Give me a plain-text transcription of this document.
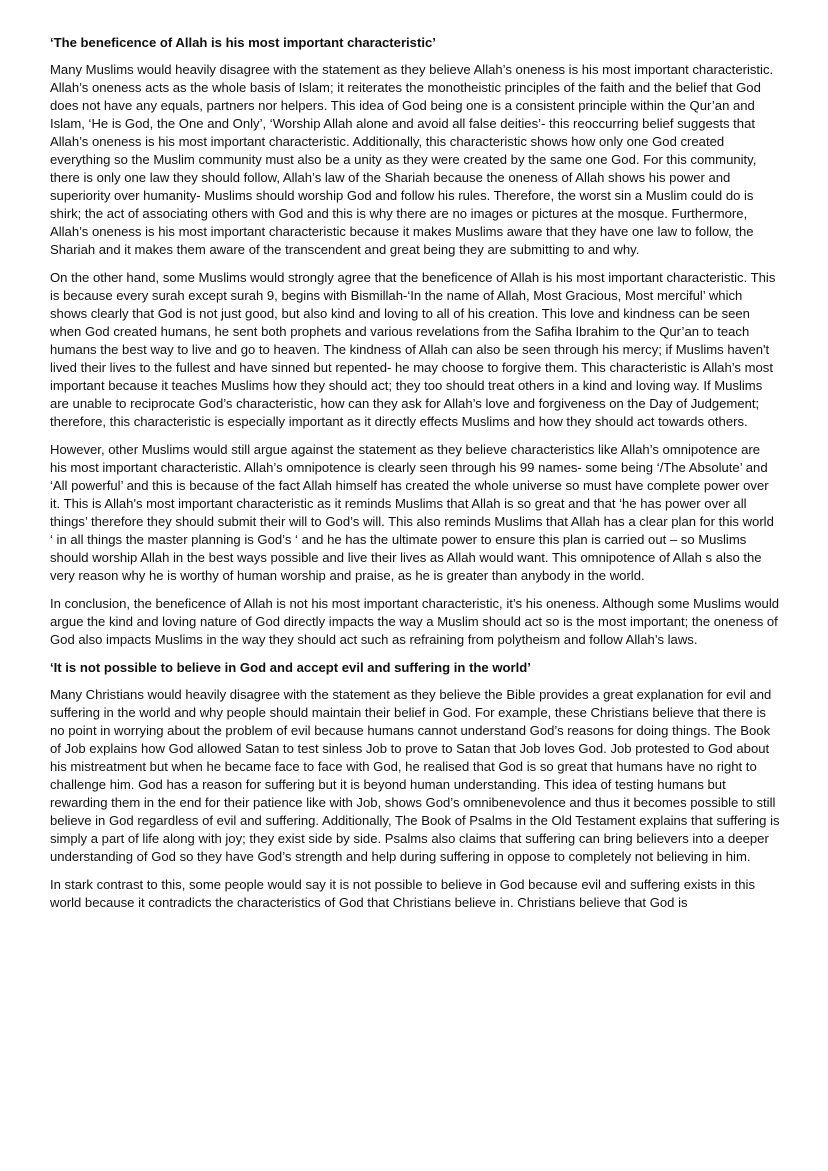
‘The beneficence of Allah is his most important characteristic’

Many Muslims would heavily disagree with the statement as they believe Allah’s oneness is his most important characteristic. Allah’s oneness acts as the whole basis of Islam; it reiterates the monotheistic principles of the faith and the belief that God does not have any equals, partners nor helpers. This idea of God being one is a consistent principle within the Qur’an and Islam, ‘He is God, the One and Only’, ‘Worship Allah alone and avoid all false deities’- this reoccurring belief suggests that Allah’s oneness is his most important characteristic. Additionally, this characteristic shows how only one God created everything so the Muslim community must also be a unity as they were created by the same one God. For this community, there is only one law they should follow, Allah’s law of the Shariah because the oneness of Allah shows his power and superiority over humanity- Muslims should worship God and follow his rules. Therefore, the worst sin a Muslim could do is shirk; the act of associating others with God and this is why there are no images or pictures at the mosque. Furthermore, Allah’s oneness is his most important characteristic because it makes Muslims aware that they have one law to follow, the Shariah and it makes them aware of the transcendent and great being they are submitting to and why.

On the other hand, some Muslims would strongly agree that the beneficence of Allah is his most important characteristic. This is because every surah except surah 9, begins with Bismillah-‘In the name of Allah, Most Gracious, Most merciful’ which shows clearly that God is not just good, but also kind and loving to all of his creation. This love and kindness can be seen when God created humans, he sent both prophets and various revelations from the Safiha Ibrahim to the Qur’an to teach humans the best way to live and go to heaven. The kindness of Allah can also be seen through his mercy; if Muslims haven't lived their lives to the fullest and have sinned but repented- he may choose to forgive them. This characteristic is Allah’s most important because it teaches Muslims how they should act; they too should treat others in a kind and loving way. If Muslims are unable to reciprocate God’s characteristic, how can they ask for Allah’s love and forgiveness on the Day of Judgement; therefore, this characteristic is especially important as it directly effects Muslims and how they should act towards others.

However, other Muslims would still argue against the statement as they believe characteristics like Allah’s omnipotence are his most important characteristic. Allah’s omnipotence is clearly seen through his 99 names- some being ‘/The Absolute’ and ‘All powerful’ and this is because of the fact Allah himself has created the whole universe so must have complete power over it. This is Allah's most important characteristic as it reminds Muslims that Allah is so great and that ‘he has power over all things’ therefore they should submit their will to God’s will. This also reminds Muslims that Allah has a clear plan for this world ‘ in all things the master planning is God’s ‘ and he has the ultimate power to ensure this plan is carried out – so Muslims should worship Allah in the best ways possible and live their lives as Allah would want. This omnipotence of Allah s also the very reason why he is worthy of human worship and praise, as he is greater than anybody in the world.

In conclusion, the beneficence of Allah is not his most important characteristic, it’s his oneness. Although some Muslims would argue the kind and loving nature of God directly impacts the way a Muslim should act so is the most important; the oneness of God also impacts Muslims in the way they should act such as refraining from polytheism and follow Allah’s laws.

‘It is not possible to believe in God and accept evil and suffering in the world’

Many Christians would heavily disagree with the statement as they believe the Bible provides a great explanation for evil and suffering in the world and why people should maintain their belief in God. For example, these Christians believe that there is no point in worrying about the problem of evil because humans cannot understand God’s reasons for doing things. The Book of Job explains how God allowed Satan to test sinless Job to prove to Satan that Job loves God. Job protested to God about his mistreatment but when he became face to face with God, he realised that God is so great that humans have no right to challenge him. God has a reason for suffering but it is beyond human understanding. This idea of testing humans but rewarding them in the end for their patience like with Job, shows God’s omnibenevolence and thus it becomes possible to still believe in God regardless of evil and suffering. Additionally, The Book of Psalms in the Old Testament explains that suffering is simply a part of life along with joy; they exist side by side. Psalms also claims that suffering can bring believers into a deeper understanding of God so they have God’s strength and help during suffering in oppose to completely not believing in him.

In stark contrast to this, some people would say it is not possible to believe in God because evil and suffering exists in this world because it contradicts the characteristics of God that Christians believe in. Christians believe that God is
